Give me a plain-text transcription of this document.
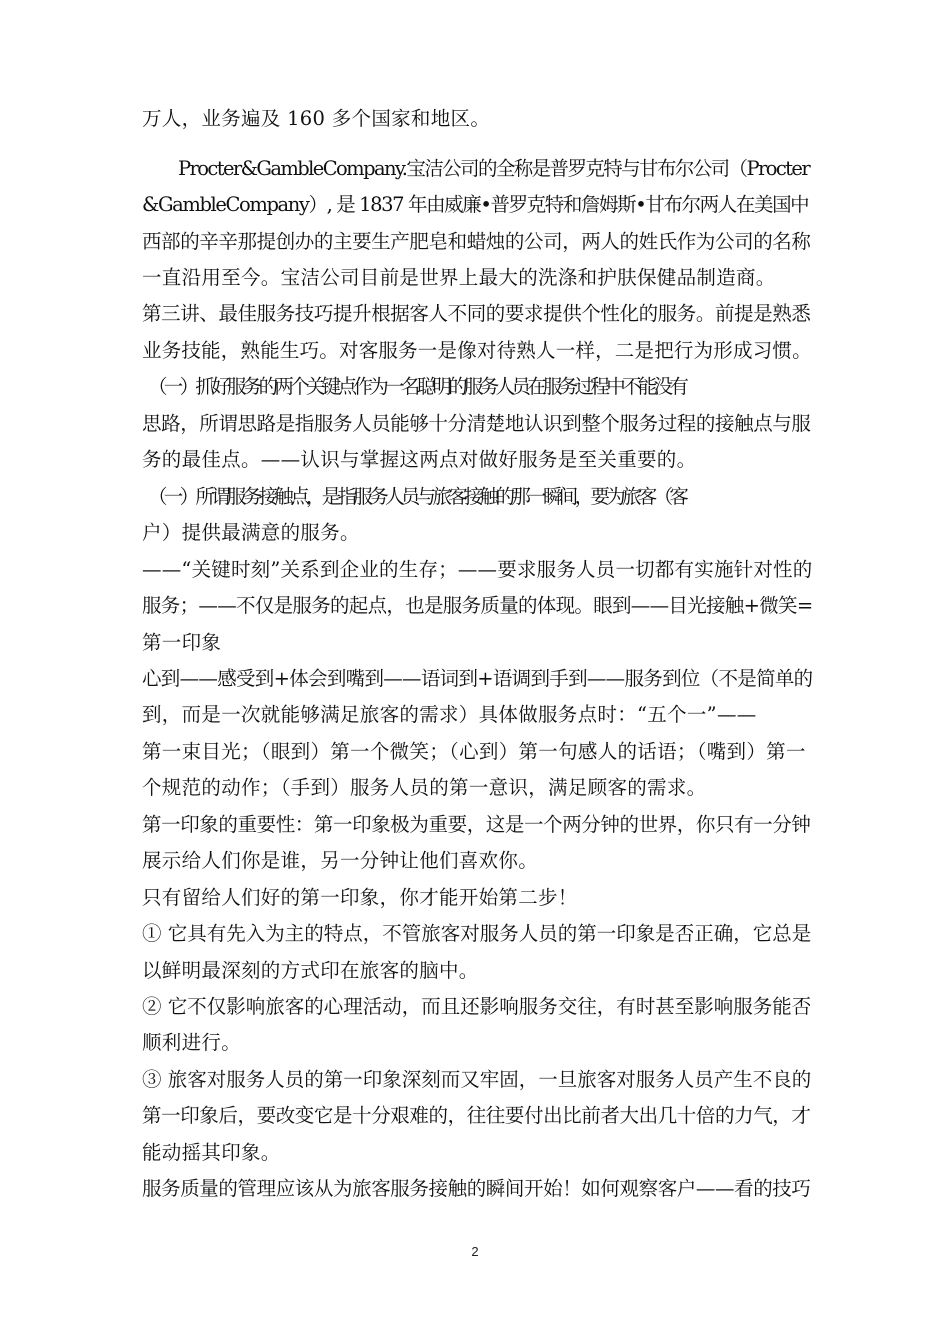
万人，业务遍及 160 多个国家和地区。
Procter&GambleCompany.宝洁公司的全称是普罗克特与甘布尔公司（Procter
&GambleCompany）, 是 1837 年由威廉•普罗克特和詹姆斯•甘布尔两人在美国中
西部的辛辛那提创办的主要生产肥皂和蜡烛的公司，两人的姓氏作为公司的名称
一直沿用至今。宝洁公司目前是世界上最大的洗涤和护肤保健品制造商。
第三讲、最佳服务技巧提升根据客人不同的要求提供个性化的服务。前提是熟悉
业务技能，熟能生巧。对客服务一是像对待熟人一样，二是把行为形成习惯。
（一）抓好服务的两个关键点作为一名聪明的服务人员在服务过程中不能没有
思路，所谓思路是指服务人员能够十分清楚地认识到整个服务过程的接触点与服
务的最佳点。——认识与掌握这两点对做好服务是至关重要的。
（一）所谓服务接触点，是指服务人员与旅客接触的那一瞬间，要为旅客（客
户）提供最满意的服务。
——“关键时刻”关系到企业的生存；——要求服务人员一切都有实施针对性的
服务；——不仅是服务的起点，也是服务质量的体现。眼到——目光接触+微笑=
第一印象
心到——感受到+体会到嘴到——语词到+语调到手到——服务到位（不是简单的
到，而是一次就能够满足旅客的需求）具体做服务点时：“五个一”——
第一束目光；（眼到）第一个微笑；（心到）第一句感人的话语；（嘴到）第一
个规范的动作；（手到）服务人员的第一意识，满足顾客的需求。
第一印象的重要性：第一印象极为重要，这是一个两分钟的世界，你只有一分钟
展示给人们你是谁，另一分钟让他们喜欢你。
只有留给人们好的第一印象，你才能开始第二步！
① 它具有先入为主的特点，不管旅客对服务人员的第一印象是否正确，它总是
以鲜明最深刻的方式印在旅客的脑中。
② 它不仅影响旅客的心理活动，而且还影响服务交往，有时甚至影响服务能否
顺利进行。
③ 旅客对服务人员的第一印象深刻而又牢固，一旦旅客对服务人员产生不良的
第一印象后，要改变它是十分艰难的，往往要付出比前者大出几十倍的力气，才
能动摇其印象。
服务质量的管理应该从为旅客服务接触的瞬间开始！如何观察客户——看的技巧
2
